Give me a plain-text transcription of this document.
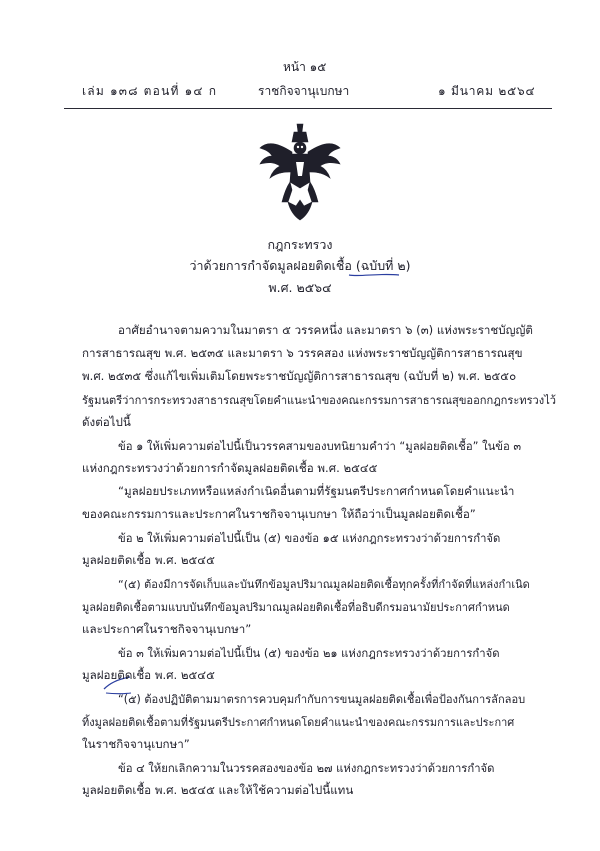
หน้า ๑๕
เล่ม ๑๓๘ ตอนที่ ๑๔ ก	ราชกิจจานุเบกษา	๑ มีนาคม ๒๕๖๔
กฎกระทรวง
ว่าด้วยการกำจัดมูลฝอยติดเชื้อ (ฉบับที่ ๒)
พ.ศ. ๒๕๖๔
อาศัยอำนาจตามความในมาตรา ๕ วรรคหนึ่ง และมาตรา ๖ (๓) แห่งพระราชบัญญัติ
การสาธารณสุข พ.ศ. ๒๕๓๕ และมาตรา ๖ วรรคสอง แห่งพระราชบัญญัติการสาธารณสุข
พ.ศ. ๒๕๓๕ ซึ่งแก้ไขเพิ่มเติมโดยพระราชบัญญัติการสาธารณสุข (ฉบับที่ ๒) พ.ศ. ๒๕๕๐
รัฐมนตรีว่าการกระทรวงสาธารณสุขโดยคำแนะนำของคณะกรรมการสาธารณสุขออกกฎกระทรวงไว้
ดังต่อไปนี้
ข้อ ๑ ให้เพิ่มความต่อไปนี้เป็นวรรคสามของบทนิยามคำว่า “มูลฝอยติดเชื้อ” ในข้อ ๓
แห่งกฎกระทรวงว่าด้วยการกำจัดมูลฝอยติดเชื้อ พ.ศ. ๒๕๔๕
“มูลฝอยประเภทหรือแหล่งกำเนิดอื่นตามที่รัฐมนตรีประกาศกำหนดโดยคำแนะนำ
ของคณะกรรมการและประกาศในราชกิจจานุเบกษา ให้ถือว่าเป็นมูลฝอยติดเชื้อ”
ข้อ ๒ ให้เพิ่มความต่อไปนี้เป็น (๕) ของข้อ ๑๕ แห่งกฎกระทรวงว่าด้วยการกำจัด
มูลฝอยติดเชื้อ พ.ศ. ๒๕๔๕
“(๕) ต้องมีการจัดเก็บและบันทึกข้อมูลปริมาณมูลฝอยติดเชื้อทุกครั้งที่กำจัดที่แหล่งกำเนิด
มูลฝอยติดเชื้อตามแบบบันทึกข้อมูลปริมาณมูลฝอยติดเชื้อที่อธิบดีกรมอนามัยประกาศกำหนด
และประกาศในราชกิจจานุเบกษา”
ข้อ ๓ ให้เพิ่มความต่อไปนี้เป็น (๕) ของข้อ ๒๑ แห่งกฎกระทรวงว่าด้วยการกำจัด
มูลฝอยติดเชื้อ พ.ศ. ๒๕๔๕
“(๕) ต้องปฏิบัติตามมาตรการควบคุมกำกับการขนมูลฝอยติดเชื้อเพื่อป้องกันการลักลอบ
ทิ้งมูลฝอยติดเชื้อตามที่รัฐมนตรีประกาศกำหนดโดยคำแนะนำของคณะกรรมการและประกาศ
ในราชกิจจานุเบกษา”
ข้อ ๔ ให้ยกเลิกความในวรรคสองของข้อ ๒๗ แห่งกฎกระทรวงว่าด้วยการกำจัด
มูลฝอยติดเชื้อ พ.ศ. ๒๕๔๕ และให้ใช้ความต่อไปนี้แทน
